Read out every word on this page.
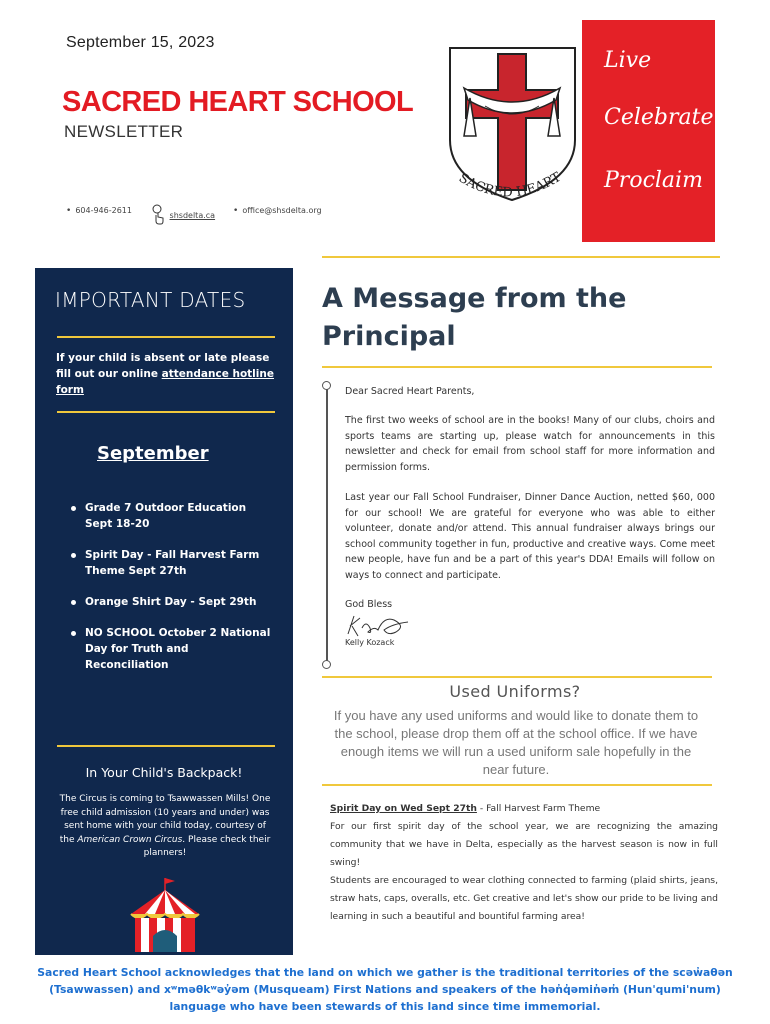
September 15, 2023
SACRED HEART SCHOOL
NEWSLETTER
• 604-946-2611	shsdelta.ca • office@shsdelta.org
SACRED HEART
Live
Celebrate
Proclaim
IMPORTANT DATES
If your child is absent or late please fill out our online attendance hotline form
September
Grade 7 Outdoor Education Sept 18-20
Spirit Day - Fall Harvest Farm Theme Sept 27th
Orange Shirt Day - Sept 29th
NO SCHOOL October 2 National Day for Truth and Reconciliation
In Your Child's Backpack!
The Circus is coming to Tsawwassen Mills! One free child admission (10 years and under) was sent home with your child today, courtesy of the American Crown Circus. Please check their planners!
A Message from the Principal
Dear Sacred Heart Parents,
The first two weeks of school are in the books! Many of our clubs, choirs and sports teams are starting up, please watch for announcements in this newsletter and check for email from school staff for more information and permission forms.
Last year our Fall School Fundraiser, Dinner Dance Auction, netted $60, 000 for our school! We are grateful for everyone who was able to either volunteer, donate and/or attend. This annual fundraiser always brings our school community together in fun, productive and creative ways. Come meet new people, have fun and be a part of this year's DDA! Emails will follow on ways to connect and participate.
God Bless
Kelly Kozack
Used Uniforms?
If you have any used uniforms and would like to donate them to the school, please drop them off at the school office. If we have enough items we will run a used uniform sale hopefully in the near future.
Spirit Day on Wed Sept 27th - Fall Harvest Farm Theme
For our first spirit day of the school year, we are recognizing the amazing community that we have in Delta, especially as the harvest season is now in full swing!
Students are encouraged to wear clothing connected to farming (plaid shirts, jeans, straw hats, caps, overalls, etc. Get creative and let's show our pride to be living and learning in such a beautiful and bountiful farming area!
Sacred Heart School acknowledges that the land on which we gather is the traditional territories of the scəw̓aθən (Tsawwassen) and xʷməθkʷəy̓əm (Musqueam) First Nations and speakers of the hən̓q̓əmin̓əm̓ (Hun'qumi'num) language who have been stewards of this land since time immemorial.
